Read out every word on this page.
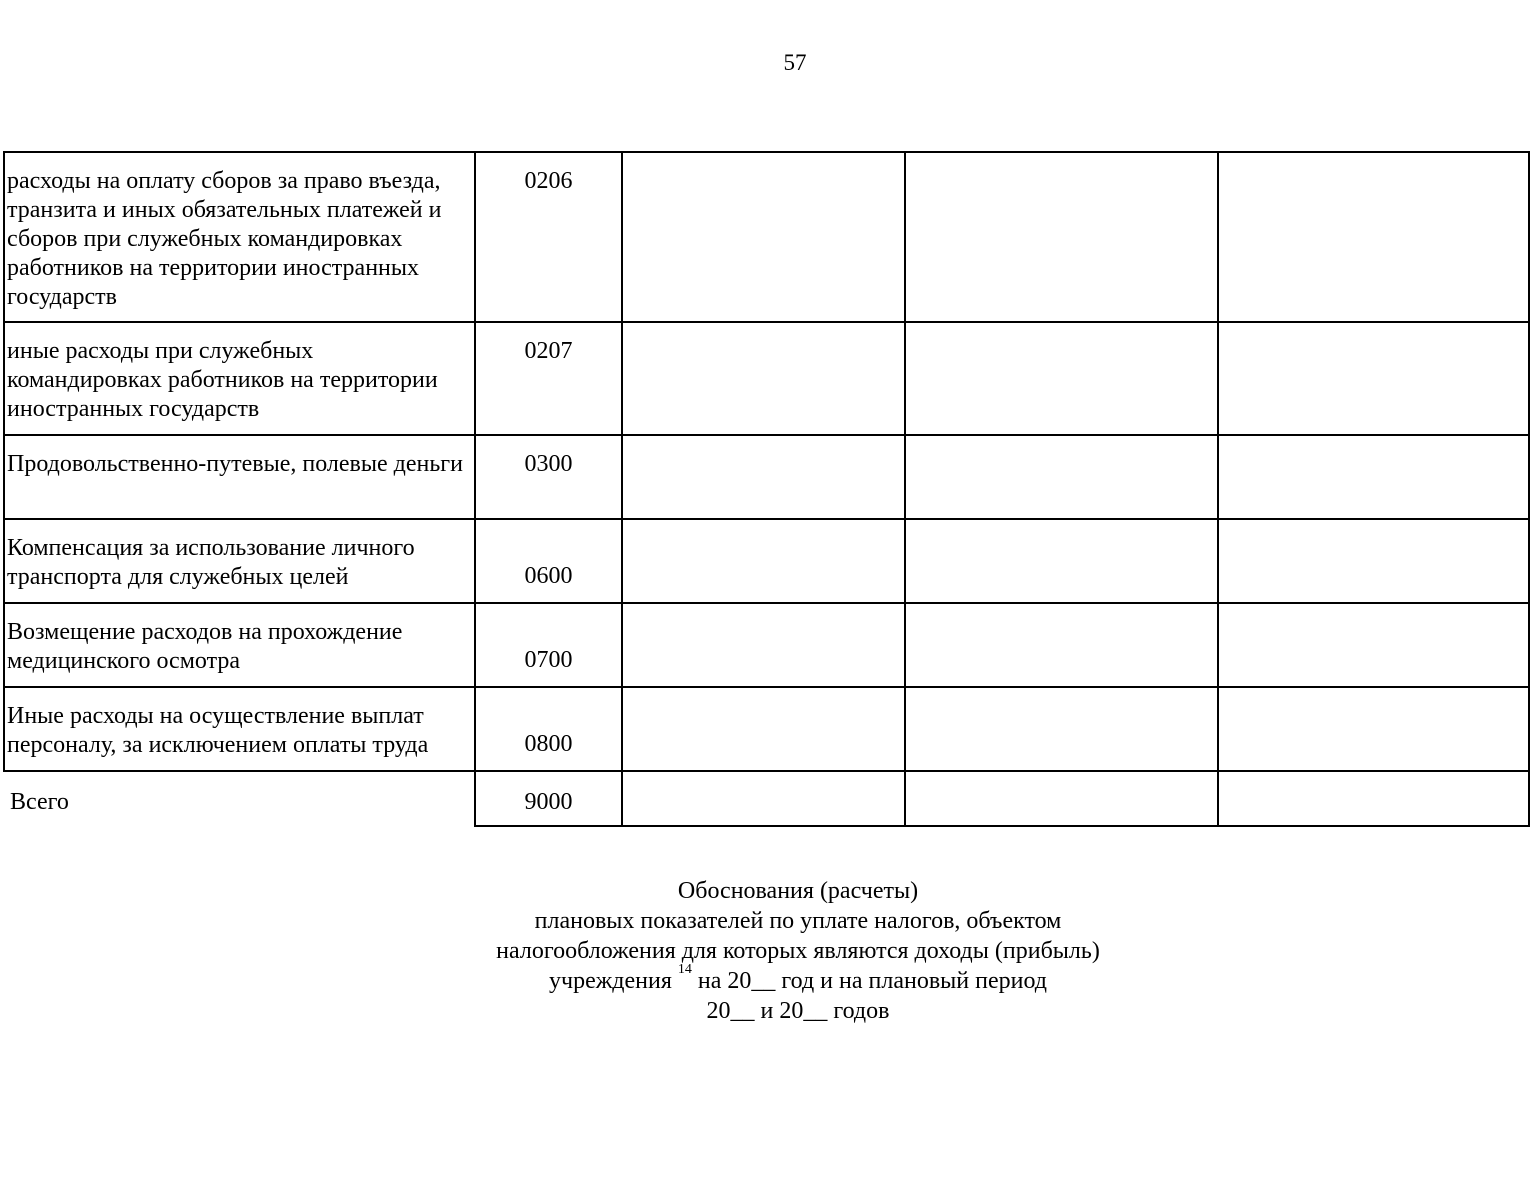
57
расходы на оплату сборов за право въезда, транзита и иных обязательных платежей и сборов при служебных командировках работников на территории иностранных государств	0206			
иные расходы при служебных командировках работников на территории иностранных государств	0207			
Продовольственно-путевые, полевые деньги	0300			
Компенсация за использование личного транспорта для служебных целей	0600			
Возмещение расходов на прохождение медицинского осмотра	0700			
Иные расходы на осуществление выплат персоналу, за исключением оплаты труда	0800			
Всего	9000			
Обоснования (расчеты)
плановых показателей по уплате налогов, объектом
налогообложения для которых являются доходы (прибыль)
учреждения $^{14}$ на 20__ год и на плановый период
20__ и 20__ годов
